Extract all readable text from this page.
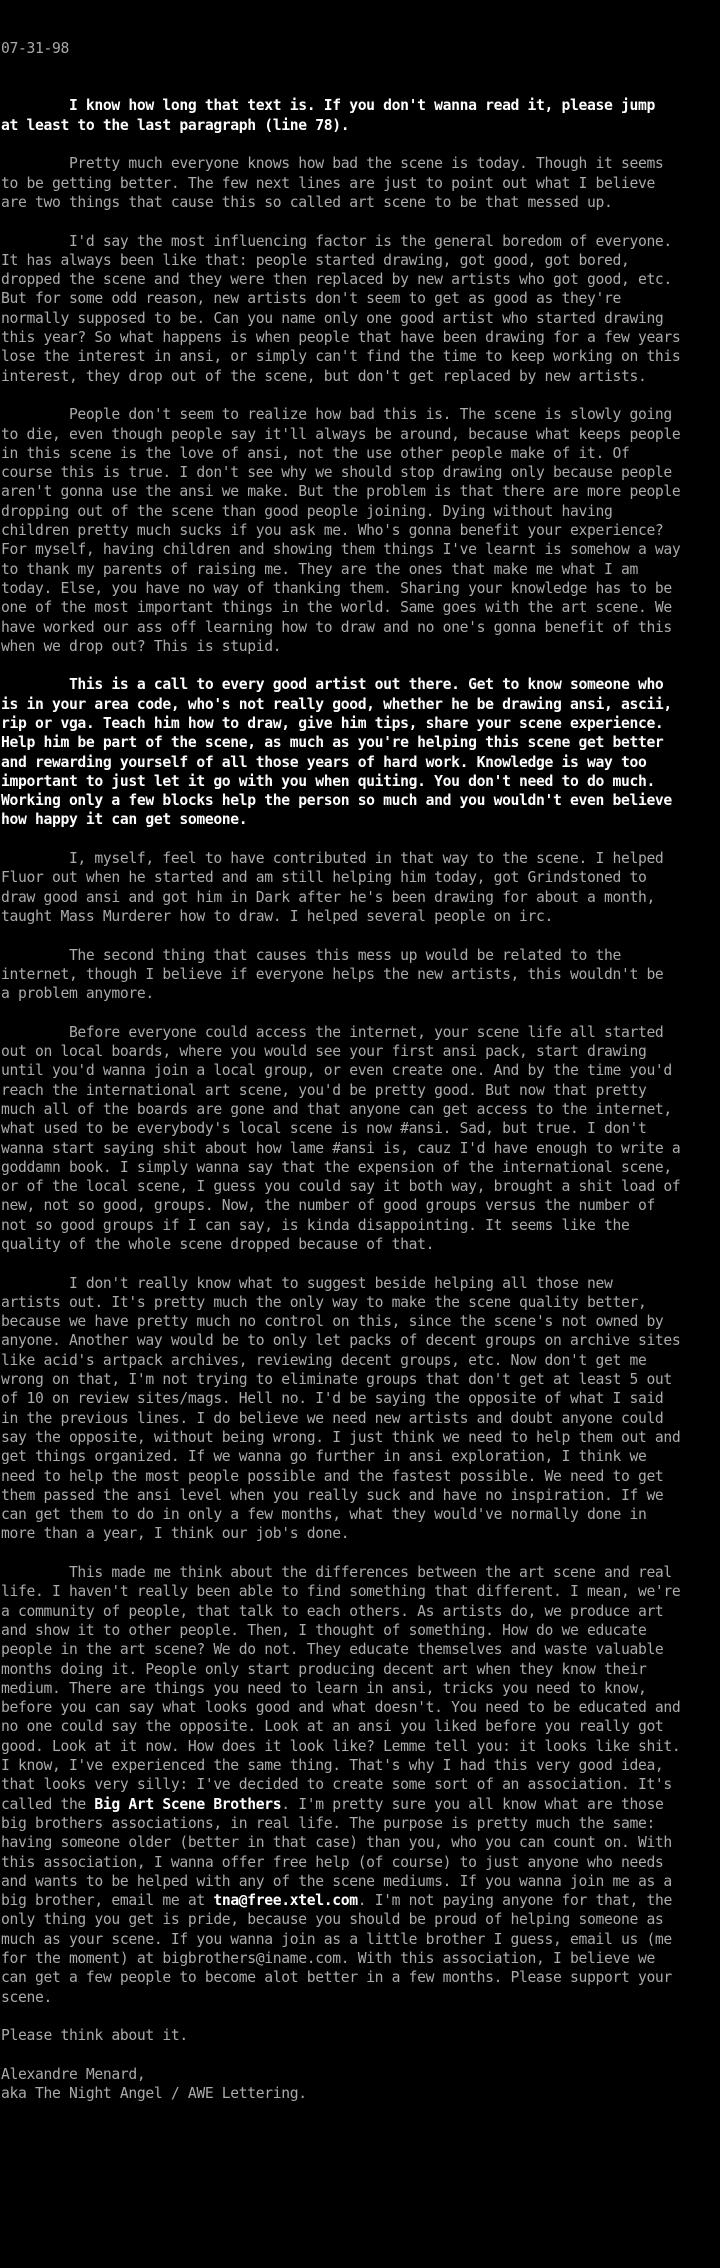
07-31-98

I know how long that text is. If you don't wanna read it, please jump
at least to the last paragraph (line 78).

Pretty much everyone knows how bad the scene is today. Though it seems
to be getting better. The few next lines are just to point out what I believe
are two things that cause this so called art scene to be that messed up.

I'd say the most influencing factor is the general boredom of everyone.
It has always been like that: people started drawing, got good, got bored,
dropped the scene and they were then replaced by new artists who got good, etc.
But for some odd reason, new artists don't seem to get as good as they're
normally supposed to be. Can you name only one good artist who started drawing
this year? So what happens is when people that have been drawing for a few years
lose the interest in ansi, or simply can't find the time to keep working on this
interest, they drop out of the scene, but don't get replaced by new artists.

People don't seem to realize how bad this is. The scene is slowly going
to die, even though people say it'll always be around, because what keeps people
in this scene is the love of ansi, not the use other people make of it. Of
course this is true. I don't see why we should stop drawing only because people
aren't gonna use the ansi we make. But the problem is that there are more people
dropping out of the scene than good people joining. Dying without having
children pretty much sucks if you ask me. Who's gonna benefit your experience?
For myself, having children and showing them things I've learnt is somehow a way
to thank my parents of raising me. They are the ones that make me what I am
today. Else, you have no way of thanking them. Sharing your knowledge has to be
one of the most important things in the world. Same goes with the art scene. We
have worked our ass off learning how to draw and no one's gonna benefit of this
when we drop out? This is stupid.

This is a call to every good artist out there. Get to know someone who
is in your area code, who's not really good, whether he be drawing ansi, ascii,
rip or vga. Teach him how to draw, give him tips, share your scene experience.
Help him be part of the scene, as much as you're helping this scene get better
and rewarding yourself of all those years of hard work. Knowledge is way too
important to just let it go with you when quiting. You don't need to do much.
Working only a few blocks help the person so much and you wouldn't even believe
how happy it can get someone.

I, myself, feel to have contributed in that way to the scene. I helped
Fluor out when he started and am still helping him today, got Grindstoned to
draw good ansi and got him in Dark after he's been drawing for about a month,
taught Mass Murderer how to draw. I helped several people on irc.

The second thing that causes this mess up would be related to the
internet, though I believe if everyone helps the new artists, this wouldn't be
a problem anymore.

Before everyone could access the internet, your scene life all started
out on local boards, where you would see your first ansi pack, start drawing
until you'd wanna join a local group, or even create one. And by the time you'd
reach the international art scene, you'd be pretty good. But now that pretty
much all of the boards are gone and that anyone can get access to the internet,
what used to be everybody's local scene is now #ansi. Sad, but true. I don't
wanna start saying shit about how lame #ansi is, cauz I'd have enough to write a
goddamn book. I simply wanna say that the expension of the international scene,
or of the local scene, I guess you could say it both way, brought a shit load of
new, not so good, groups. Now, the number of good groups versus the number of
not so good groups if I can say, is kinda disappointing. It seems like the
quality of the whole scene dropped because of that.

I don't really know what to suggest beside helping all those new
artists out. It's pretty much the only way to make the scene quality better,
because we have pretty much no control on this, since the scene's not owned by
anyone. Another way would be to only let packs of decent groups on archive sites
like acid's artpack archives, reviewing decent groups, etc. Now don't get me
wrong on that, I'm not trying to eliminate groups that don't get at least 5 out
of 10 on review sites/mags. Hell no. I'd be saying the opposite of what I said
in the previous lines. I do believe we need new artists and doubt anyone could
say the opposite, without being wrong. I just think we need to help them out and
get things organized. If we wanna go further in ansi exploration, I think we
need to help the most people possible and the fastest possible. We need to get
them passed the ansi level when you really suck and have no inspiration. If we
can get them to do in only a few months, what they would've normally done in
more than a year, I think our job's done.

This made me think about the differences between the art scene and real
life. I haven't really been able to find something that different. I mean, we're
a community of people, that talk to each others. As artists do, we produce art
and show it to other people. Then, I thought of something. How do we educate
people in the art scene? We do not. They educate themselves and waste valuable
months doing it. People only start producing decent art when they know their
medium. There are things you need to learn in ansi, tricks you need to know,
before you can say what looks good and what doesn't. You need to be educated and
no one could say the opposite. Look at an ansi you liked before you really got
good. Look at it now. How does it look like? Lemme tell you: it looks like shit.
I know, I've experienced the same thing. That's why I had this very good idea,
that looks very silly: I've decided to create some sort of an association. It's
called the Big Art Scene Brothers. I'm pretty sure you all know what are those
big brothers associations, in real life. The purpose is pretty much the same:
having someone older (better in that case) than you, who you can count on. With
this association, I wanna offer free help (of course) to just anyone who needs
and wants to be helped with any of the scene mediums. If you wanna join me as a
big brother, email me at tna@free.xtel.com. I'm not paying anyone for that, the
only thing you get is pride, because you should be proud of helping someone as
much as your scene. If you wanna join as a little brother I guess, email us (me
for the moment) at bigbrothers@iname.com. With this association, I believe we
can get a few people to become alot better in a few months. Please support your
scene.

Please think about it.

Alexandre Menard,
aka The Night Angel / AWE Lettering.
